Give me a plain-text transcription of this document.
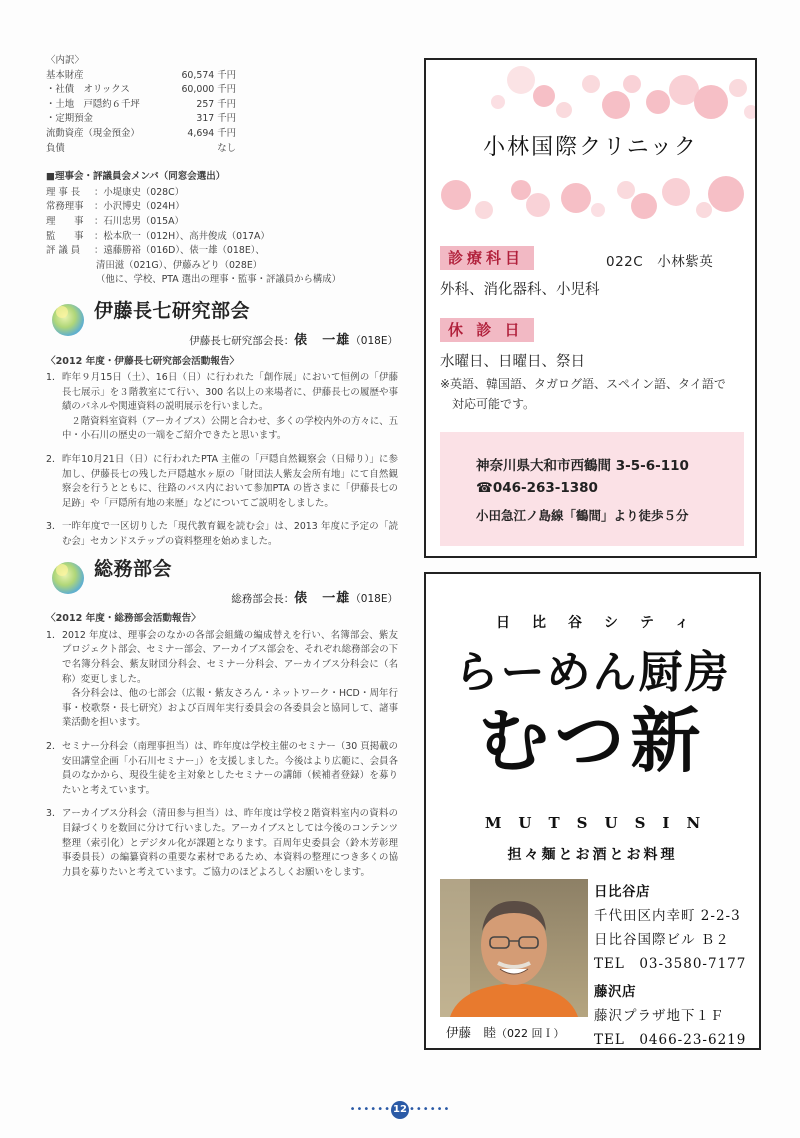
〈内訳〉
基本財産	60,574 千円
・社債　オリックス	60,000 千円
・土地　戸隠約６千坪	257 千円
・定期預金	317 千円
流動資産（現金預金）	4,694 千円
負債	なし
■理事会・評議員会メンバ（同窓会選出）
理 事 長	：小堤康史（028C）
常務理事	：小沢博史（024H）
理　　事	：石川忠男（015A）
監　　事	：松本欣一（012H）、高井俊成（017A）
評 議 員	：遠藤勝裕（016D）、俵一雄（018E）、
清田滋（021G）、伊藤みどり（028E）
（他に、学校、PTA 選出の理事・監事・評議員から構成）
伊藤長七研究部会
伊藤長七研究部会長：俵　一雄（018E）
〈2012 年度・伊藤長七研究部会活動報告〉
1． 昨年９月15日（土）、16日（日）に行われた「創作展」において恒例の「伊藤長七展示」を３階教室にて行い、300 名以上の来場者に、伊藤長七の履歴や事績のパネルや関連資料の説明展示を行いました。

２階資料室資料（アーカイブス）公開と合わせ、多くの学校内外の方々に、五中・小石川の歴史の一端をご紹介できたと思います。

2． 昨年10月21日（日）に行われたPTA 主催の「戸隠自然観察会（日帰り）」に参加し、伊藤長七の残した戸隠越水ヶ原の「財団法人紫友会所有地」にて自然観察会を行うとともに、往路のバス内において参加PTA の皆さまに「伊藤長七の足跡」や「戸隠所有地の来歴」などについてご説明をしました。

3． 一昨年度で一区切りした「現代教育観を読む会」は、2013 年度に予定の「読む会」セカンドステップの資料整理を始めました。

総務部会
総務部会長：俵　一雄（018E）
〈2012 年度・総務部会活動報告〉
1． 2012 年度は、理事会のなかの各部会組織の編成替えを行い、名簿部会、紫友プロジェクト部会、セミナー部会、アーカイブス部会を、それぞれ総務部会の下で名簿分科会、紫友財団分科会、セミナー分科会、アーカイブス分科会に（名称）変更しました。

各分科会は、他の七部会（広報・紫友さろん・ネットワーク・HCD・周年行事・校歌祭・長七研究）および百周年実行委員会の各委員会と協同して、諸事業活動を担います。

2． セミナー分科会（南理事担当）は、昨年度は学校主催のセミナー（30 頁掲載の安田講堂企画「小石川セミナー」）を支援しました。今後はより広範に、会員各員のなかから、現役生徒を主対象としたセミナーの講師（候補者登録）を募りたいと考えています。

3． アーカイブス分科会（清田参与担当）は、昨年度は学校２階資料室内の資料の目録づくりを数回に分けて行いました。アーカイブスとしては今後のコンテンツ整理（索引化）とデジタル化が課題となります。百周年史委員会（鈴木芳彰理事委員長）の編纂資料の重要な素材であるため、本資料の整理につき多くの協力員を募りたいと考えています。ご協力のほどよろしくお願いをします。

小林国際クリニック
診療科目	022C　小林紫英
外科、消化器科、小児科
休 診 日
水曜日、日曜日、祭日
※英語、韓国語、タガログ語、スペイン語、タイ語で
対応可能です。
神奈川県大和市西鶴間 3-5-6-110
☎046-263-1380
小田急江ノ島線「鶴間」より徒歩５分
日比谷シティ
らーめん厨房
むつ新
MUTSUSIN
担々麺とお酒とお料理
伊藤　睦（022 回Ｉ）
日比谷店
千代田区内幸町 2-2-3
日比谷国際ビル Ｂ２
TEL　03-3580-7177
藤沢店
藤沢プラザ地下１Ｆ
TEL　0466-23-6219
•••••• 12 ••••••
